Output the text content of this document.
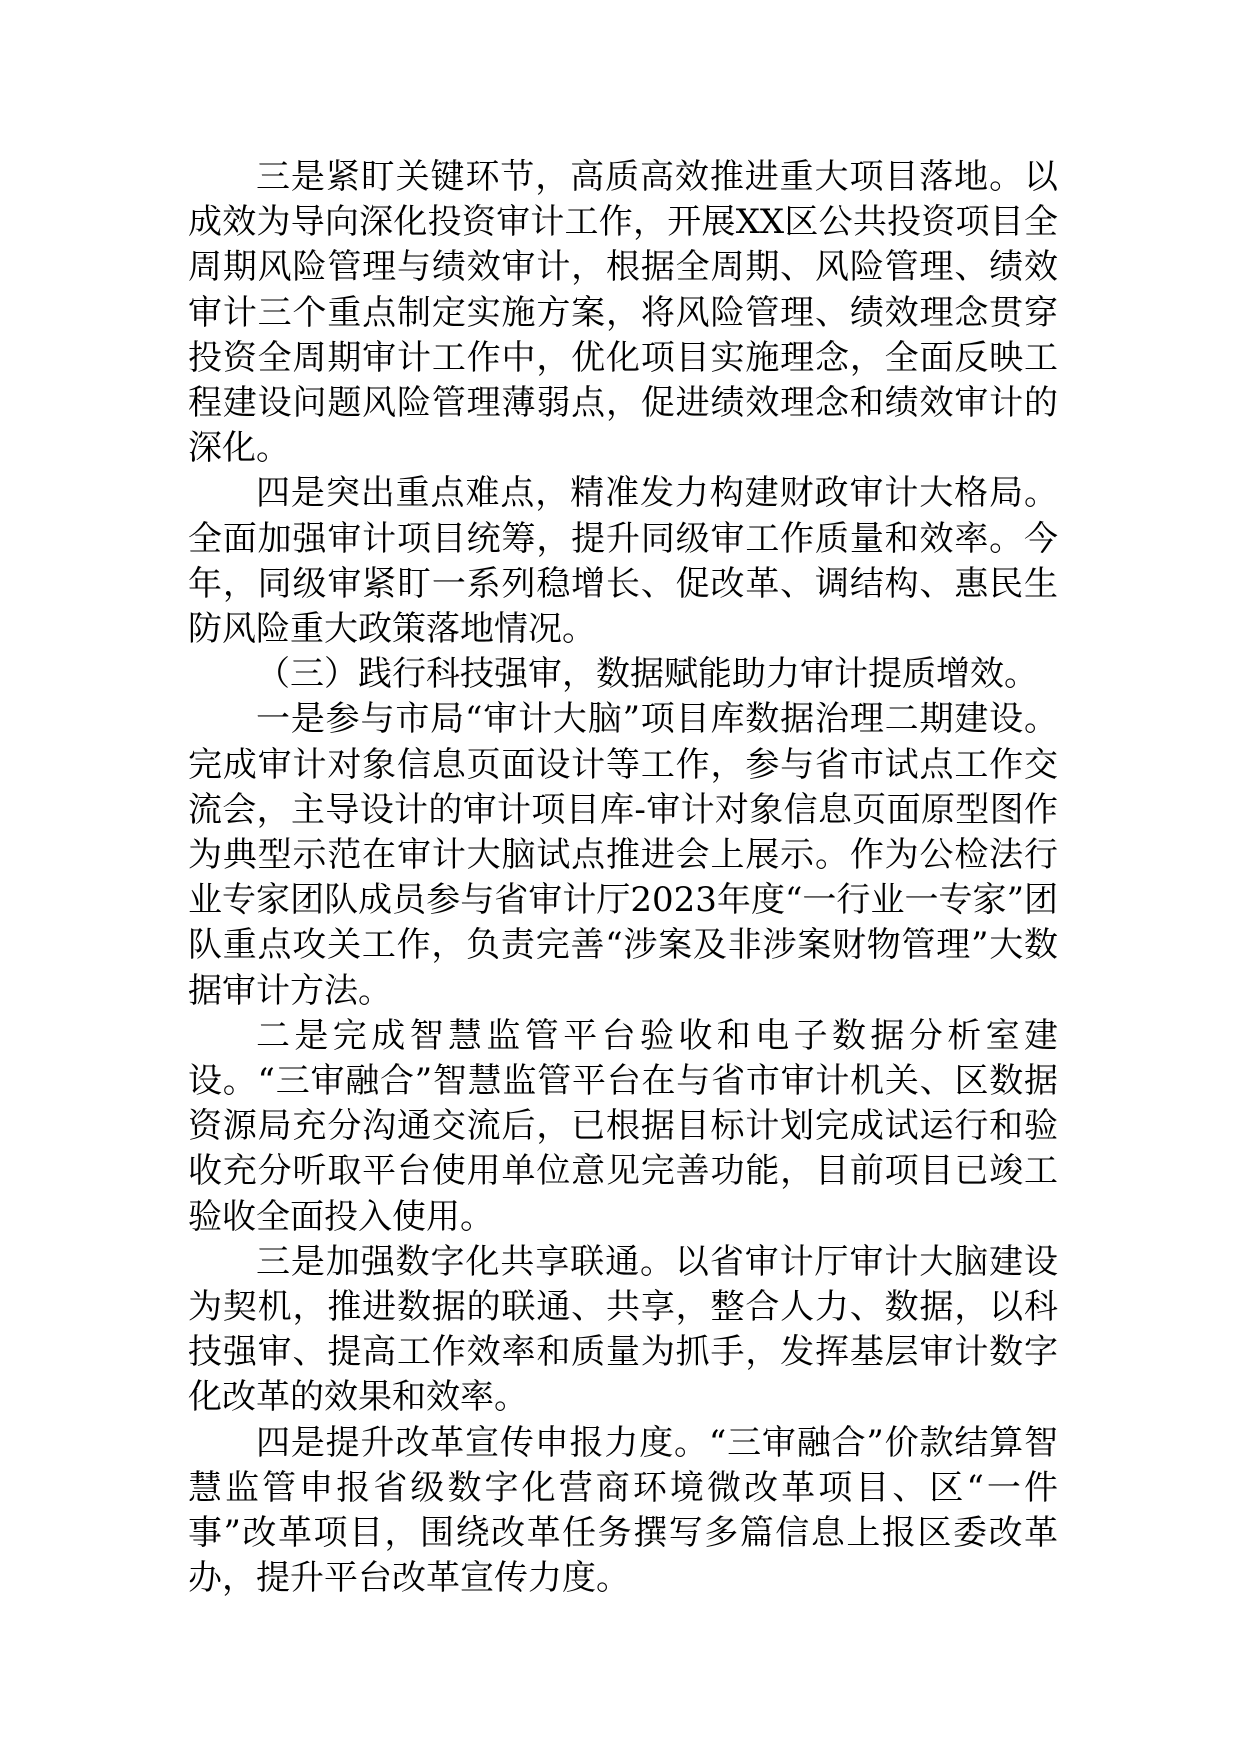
三是紧盯关键环节，高质高效推进重大项目落地。以成效为导向深化投资审计工作，开展XX区公共投资项目全周期风险管理与绩效审计，根据全周期、风险管理、绩效审计三个重点制定实施方案，将风险管理、绩效理念贯穿投资全周期审计工作中，优化项目实施理念，全面反映工程建设问题风险管理薄弱点，促进绩效理念和绩效审计的深化。

四是突出重点难点，精准发力构建财政审计大格局。全面加强审计项目统筹，提升同级审工作质量和效率。今年，同级审紧盯一系列稳增长、促改革、调结构、惠民生防风险重大政策落地情况。

（三）践行科技强审，数据赋能助力审计提质增效。

一是参与市局“审计大脑”项目库数据治理二期建设。完成审计对象信息页面设计等工作，参与省市试点工作交流会，主导设计的审计项目库-审计对象信息页面原型图作为典型示范在审计大脑试点推进会上展示。作为公检法行业专家团队成员参与省审计厅2023年度“一行业一专家”团队重点攻关工作，负责完善“涉案及非涉案财物管理”大数据审计方法。

二是完成智慧监管平台验收和电子数据分析室建设。“三审融合”智慧监管平台在与省市审计机关、区数据资源局充分沟通交流后，已根据目标计划完成试运行和验收充分听取平台使用单位意见完善功能，目前项目已竣工验收全面投入使用。

三是加强数字化共享联通。以省审计厅审计大脑建设为契机，推进数据的联通、共享，整合人力、数据，以科技强审、提高工作效率和质量为抓手，发挥基层审计数字化改革的效果和效率。

四是提升改革宣传申报力度。“三审融合”价款结算智慧监管申报省级数字化营商环境微改革项目、区“一件事”改革项目，围绕改革任务撰写多篇信息上报区委改革办，提升平台改革宣传力度。
